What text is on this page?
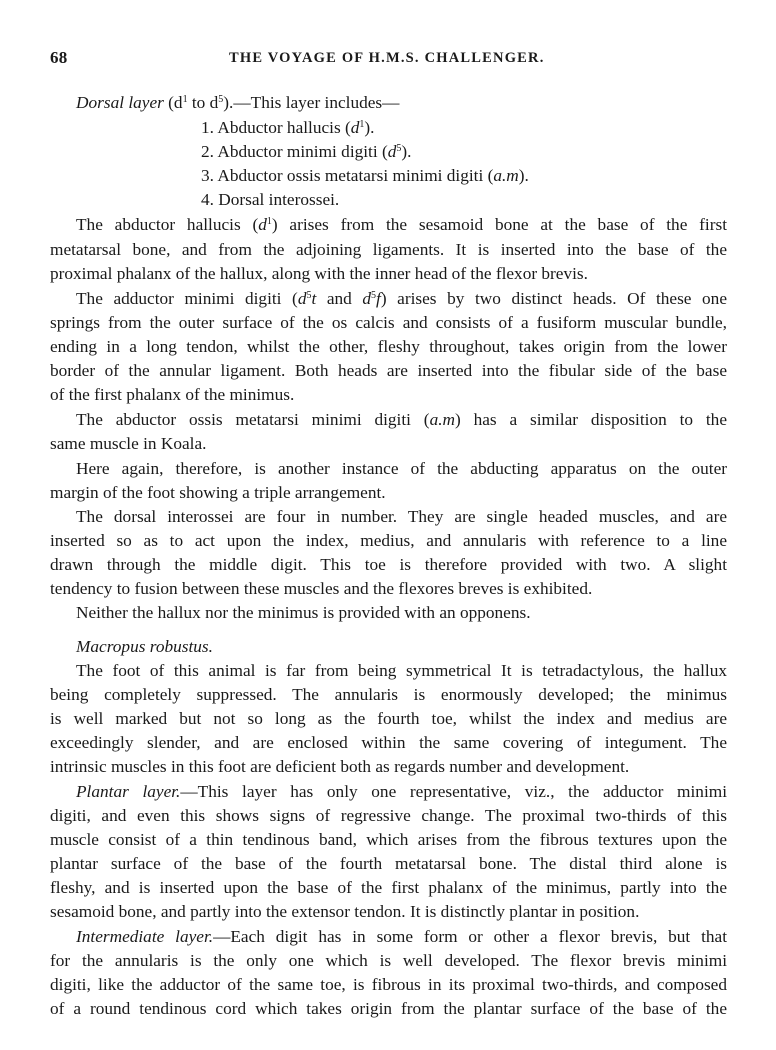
68	THE VOYAGE OF H.M.S. CHALLENGER.
Dorsal layer ($d^1$ to $d^5).—This$ layer includes—
1. Abductor hallucis $(d^1)$.
2. Abductor minimi digiti $(d^5)$.
3. Abductor ossis metatarsi minimi digiti (a.m).
4. Dorsal interossei.
The abductor hallucis $(d^1)$ arises from the sesamoid bone at the base of the first
metatarsal bone, and from the adjoining ligaments. It is inserted into the base of the
proximal phalanx of the hallux, along with the inner head of the flexor brevis.
The adductor minimi digiti ($d^5t$ and $d^5f$) arises by two distinct heads. Of these one
springs from the outer surface of the os calcis and consists of a fusiform muscular bundle,
ending in a long tendon, whilst the other, fleshy throughout, takes origin from the lower
border of the annular ligament. Both heads are inserted into the fibular side of the base
of the first phalanx of the minimus.
The abductor ossis metatarsi minimi digiti (a.m) has a similar disposition to the
same muscle in Koala.
Here again, therefore, is another instance of the abducting apparatus on the outer
margin of the foot showing a triple arrangement.
The dorsal interossei are four in number. They are single headed muscles, and are
inserted so as to act upon the index, medius, and annularis with reference to a line
drawn through the middle digit. This toe is therefore provided with two. A slight
tendency to fusion between these muscles and the flexores breves is exhibited.
Neither the hallux nor the minimus is provided with an opponens.
Macropus robustus.
The foot of this animal is far from being symmetrical It is tetradactylous, the hallux
being completely suppressed. The annularis is enormously developed; the minimus
is well marked but not so long as the fourth toe, whilst the index and medius are
exceedingly slender, and are enclosed within the same covering of integument. The
intrinsic muscles in this foot are deficient both as regards number and development.
Plantar layer.—This layer has only one representative, viz., the adductor minimi
digiti, and even this shows signs of regressive change. The proximal two-thirds of this
muscle consist of a thin tendinous band, which arises from the fibrous textures upon the
plantar surface of the base of the fourth metatarsal bone. The distal third alone is
fleshy, and is inserted upon the base of the first phalanx of the minimus, partly into the
sesamoid bone, and partly into the extensor tendon. It is distinctly plantar in position.
Intermediate layer.—Each digit has in some form or other a flexor brevis, but that
for the annularis is the only one which is well developed. The flexor brevis minimi
digiti, like the adductor of the same toe, is fibrous in its proximal two-thirds, and composed
of a round tendinous cord which takes origin from the plantar surface of the base of the
